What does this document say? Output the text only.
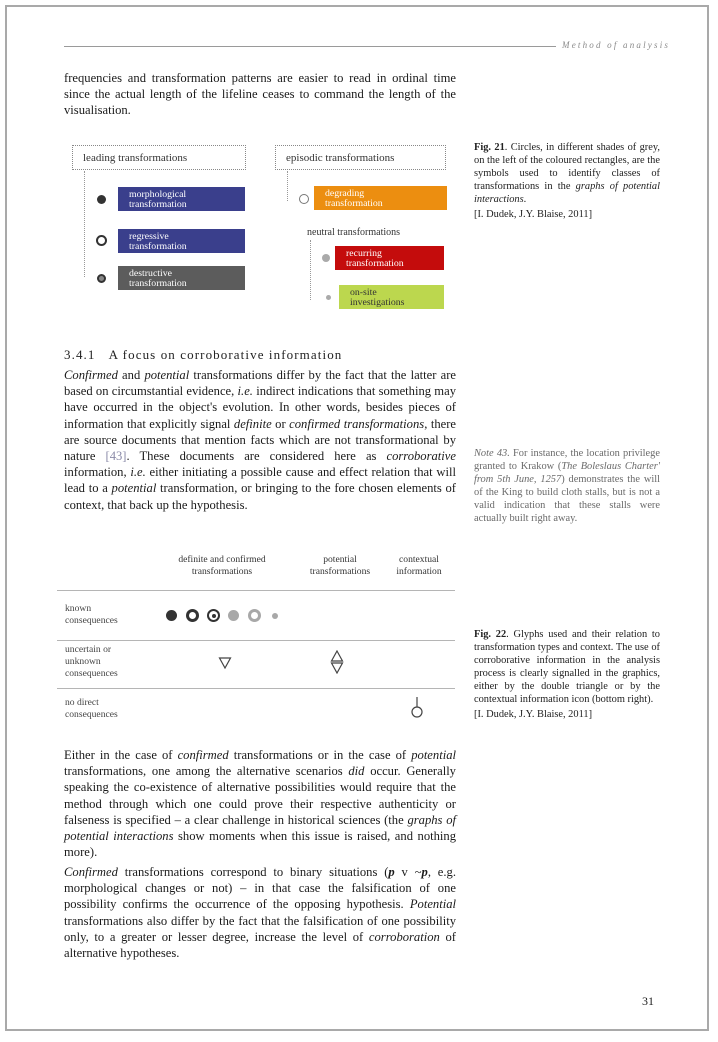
Method of analysis

frequencies and transformation patterns are easier to read in ordinal time since the actual length of the lifeline ceases to command the length of the visualisation.

leading transformations	episodic transformations
morphological
transformation
regressive
transformation
destructive
transformation
degrading
transformation
neutral transformations
recurring
transformation
on-site
investigations

Fig. 21. Circles, in different shades of grey, on the left of the coloured rectangles, are the symbols used to identify classes of transformations in the graphs of potential interactions.

[I. Dudek, J.Y. Blaise, 2011]

3.4.1 A focus on corroborative information

Confirmed and potential transformations differ by the fact that the latter are based on circumstantial evidence, i.e. indirect indications that something may have occurred in the object's evolution. In other words, besides pieces of information that explicitly signal definite or confirmed transformations, there are source documents that mention facts which are not transformational by nature [43]. These documents are considered here as corroborative information, i.e. either initiating a possible cause and effect relation that will lead to a potential transformation, or bringing to the fore chosen elements of context, that back up the hypothesis.

Note 43. For instance, the location privilege granted to Krakow (The Boleslaus Charter' from 5th June, 1257) demonstrates the will of the King to build cloth stalls, but is not a valid indication that these stalls were actually built right away.

definite and confirmed
transformations
potential
transformations
contextual
information
known
consequences
uncertain or
unknown
consequences
no direct
consequences

Fig. 22. Glyphs used and their relation to transformation types and context. The use of corroborative information in the analysis process is clearly signalled in the graphics, either by the double triangle or by the contextual information icon (bottom right).

[I. Dudek, J.Y. Blaise, 2011]

Either in the case of confirmed transformations or in the case of potential transformations, one among the alternative scenarios did occur. Generally speaking the co-existence of alternative possibilities would require that the method through which one could prove their respective authenticity or falseness is specified – a clear challenge in historical sciences (the graphs of potential interactions show moments when this issue is raised, and nothing more).

Confirmed transformations correspond to binary situations (p v ~p, e.g. morphological changes or not) – in that case the falsification of one possibility confirms the occurrence of the opposing hypothesis. Potential transformations also differ by the fact that the falsification of one possibility only, to a greater or lesser degree, increase the level of corroboration of alternative hypotheses.

31
